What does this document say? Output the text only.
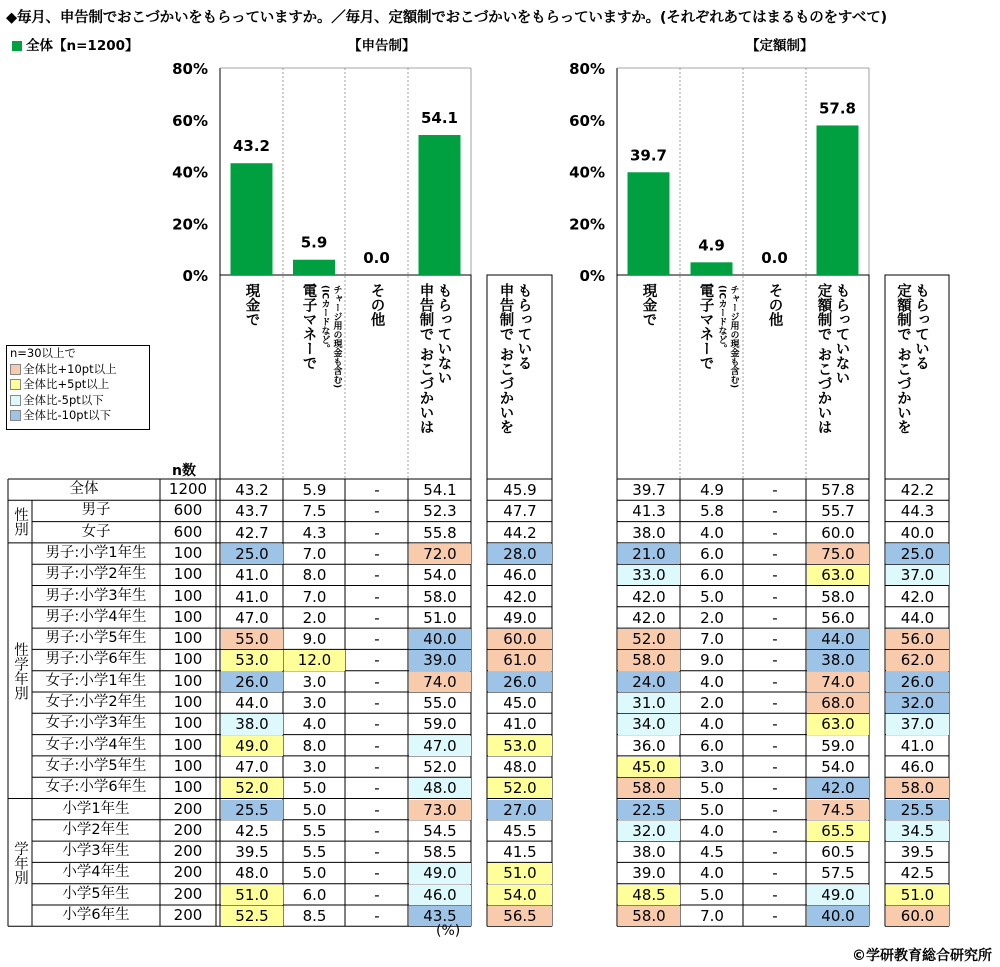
◆毎月、申告制でおこづかいをもらっていますか。／毎月、定額制でおこづかいをもらっていますか。(それぞれあてはまるものをすべて)
全体【n=1200】	【申告制】	【定額制】
0%
20%
40%
60%
80%
43.2
5.9
0.0
54.1
0%
20%
40%
60%
80%
39.7
4.9
0.0
57.8
現金で	電子マネーで (ICカードなど。 チャージ用の現金も含む) その他 申告制で
おこづかいは
もらっていない	申告制で
おこづかいを
もらっている	現金で	電子マネーで (ICカードなど。 チャージ用の現金も含む) その他 定額制で
おこづかいは
もらっていない	定額制で
おこづかいを
もらっている
n数
n=30以上で
全体比+10pt以上
全体比+5pt以上
全体比-5pt以下
全体比-10pt以下
性別
性学年別
学年別
全体	1200	43.2	5.9	-	54.1	45.9	39.7	4.9	-	57.8	42.2
男子	600	43.7	7.5	-	52.3	47.7	41.3	5.8	-	55.7	44.3
女子	600	42.7	4.3	-	55.8	44.2	38.0	4.0	-	60.0	40.0
男子:小学1年生	100	25.0	7.0	-	72.0	28.0	21.0	6.0	-	75.0	25.0
男子:小学2年生	100	41.0	8.0	-	54.0	46.0	33.0	6.0	-	63.0	37.0
男子:小学3年生	100	41.0	7.0	-	58.0	42.0	42.0	5.0	-	58.0	42.0
男子:小学4年生	100	47.0	2.0	-	51.0	49.0	42.0	2.0	-	56.0	44.0
男子:小学5年生	100	55.0	9.0	-	40.0	60.0	52.0	7.0	-	44.0	56.0
男子:小学6年生	100	53.0	12.0	-	39.0	61.0	58.0	9.0	-	38.0	62.0
女子:小学1年生	100	26.0	3.0	-	74.0	26.0	24.0	4.0	-	74.0	26.0
女子:小学2年生	100	44.0	3.0	-	55.0	45.0	31.0	2.0	-	68.0	32.0
女子:小学3年生	100	38.0	4.0	-	59.0	41.0	34.0	4.0	-	63.0	37.0
女子:小学4年生	100	49.0	8.0	-	47.0	53.0	36.0	6.0	-	59.0	41.0
女子:小学5年生	100	47.0	3.0	-	52.0	48.0	45.0	3.0	-	54.0	46.0
女子:小学6年生	100	52.0	5.0	-	48.0	52.0	58.0	5.0	-	42.0	58.0
小学1年生	200	25.5	5.0	-	73.0	27.0	22.5	5.0	-	74.5	25.5
小学2年生	200	42.5	5.5	-	54.5	45.5	32.0	4.0	-	65.5	34.5
小学3年生	200	39.5	5.5	-	58.5	41.5	38.0	4.5	-	60.5	39.5
小学4年生	200	48.0	5.0	-	49.0	51.0	39.0	4.0	-	57.5	42.5
小学5年生	200	51.0	6.0	-	46.0	54.0	48.5	5.0	-	49.0	51.0
小学6年生	200	52.5	8.5	-	43.5	56.5	58.0	7.0	-	40.0	60.0
(%)
©学研教育総合研究所
